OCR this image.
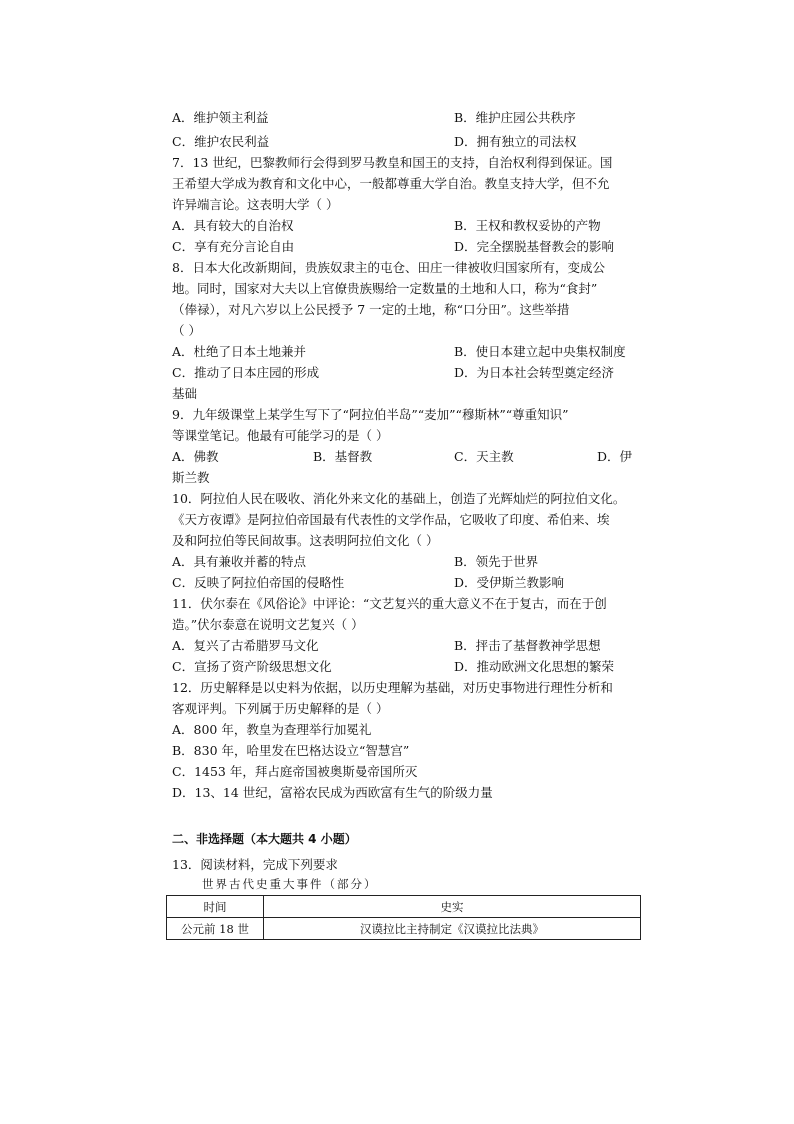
A．维护领主利益	B．维护庄园公共秩序
C．维护农民利益	D．拥有独立的司法权
7．13 世纪，巴黎教师行会得到罗马教皇和国王的支持，自治权利得到保证。国
王希望大学成为教育和文化中心，一般都尊重大学自治。教皇支持大学，但不允
许异端言论。这表明大学（ ）
A．具有较大的自治权	B．王权和教权妥协的产物
C．享有充分言论自由	D．完全摆脱基督教会的影响
8．日本大化改新期间，贵族奴隶主的屯仓、田庄一律被收归国家所有，变成公
地。同时，国家对大夫以上官僚贵族赐给一定数量的土地和人口，称为“食封”
（俸禄），对凡六岁以上公民授予 7 一定的土地，称“口分田”。这些举措
（ ）
A．杜绝了日本土地兼并	B．使日本建立起中央集权制度
C．推动了日本庄园的形成	D．为日本社会转型奠定经济
基础
9．九年级课堂上某学生写下了“阿拉伯半岛”“麦加”“穆斯林”“尊重知识”
等课堂笔记。他最有可能学习的是（ ）
A．佛教	B．基督教	C．天主教	D．伊
斯兰教
10．阿拉伯人民在吸收、消化外来文化的基础上，创造了光辉灿烂的阿拉伯文化。
《天方夜谭》是阿拉伯帝国最有代表性的文学作品，它吸收了印度、希伯来、埃
及和阿拉伯等民间故事。这表明阿拉伯文化（ ）
A．具有兼收并蓄的特点	B．领先于世界
C．反映了阿拉伯帝国的侵略性	D．受伊斯兰教影响
11．伏尔泰在《风俗论》中评论：“文艺复兴的重大意义不在于复古，而在于创
造。”伏尔泰意在说明文艺复兴（ ）
A．复兴了古希腊罗马文化	B．抨击了基督教神学思想
C．宣扬了资产阶级思想文化	D．推动欧洲文化思想的繁荣
12．历史解释是以史料为依据，以历史理解为基础，对历史事物进行理性分析和
客观评判。下列属于历史解释的是（ ）
A．800 年，教皇为查理举行加冕礼
B．830 年，哈里发在巴格达设立“智慧宫”
C．1453 年，拜占庭帝国被奥斯曼帝国所灭
D．13、14 世纪，富裕农民成为西欧富有生气的阶级力量
二、非选择题（本大题共 4 小题）
13．阅读材料，完成下列要求
世界古代史重大事件（部分）
时间	史实
公元前 18 世	汉谟拉比主持制定《汉谟拉比法典》
